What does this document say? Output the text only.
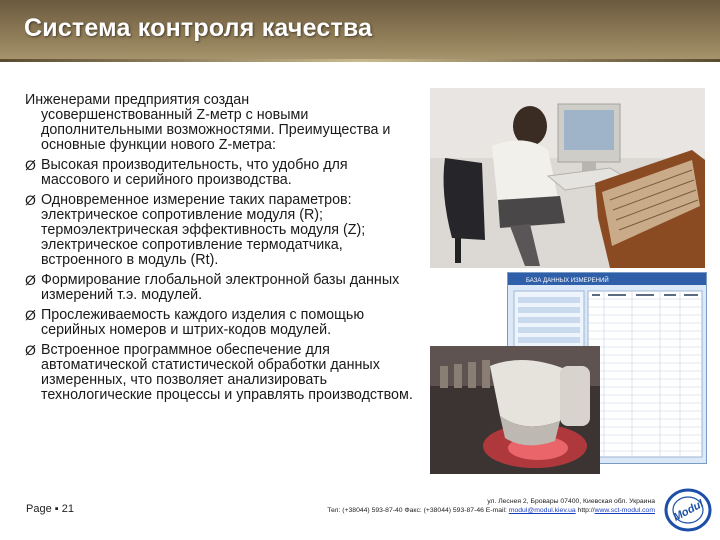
Система контроля качества

Инженерами предприятия создан
усовершенствованный Z-метр с новыми дополнительными возможностями. Преимущества и основные функции нового Z-метра:

Ø Высокая производительность, что удобно для массового и серийного производства.
Ø Одновременное измерение таких параметров: электрическое сопротивление модуля (R); термоэлектрическая эффективность модуля (Z); электрическое сопротивление термодатчика, встроенного в модуль (Rt).
Ø Формирование глобальной электронной базы данных измерений т.э. модулей.
Ø Прослеживаемость каждого изделия с помощью серийных номеров и штрих-кодов модулей.
Ø Встроенное программное обеспечение для автоматической статистической обработки данных измеренных, что позволяет анализировать технологические процессы и управлять производством.
БАЗА ДАННЫХ ИЗМЕРЕНИЙ
Page ▪ 21
ул. Леснея 2, Бровары 07400, Киевская обл. Украина
Тел: (+38044) 593-87-40 Факс: (+38044) 593-87-46 E-mail: modul@modul.kiev.ua http://www.sct-modul.com Modul
